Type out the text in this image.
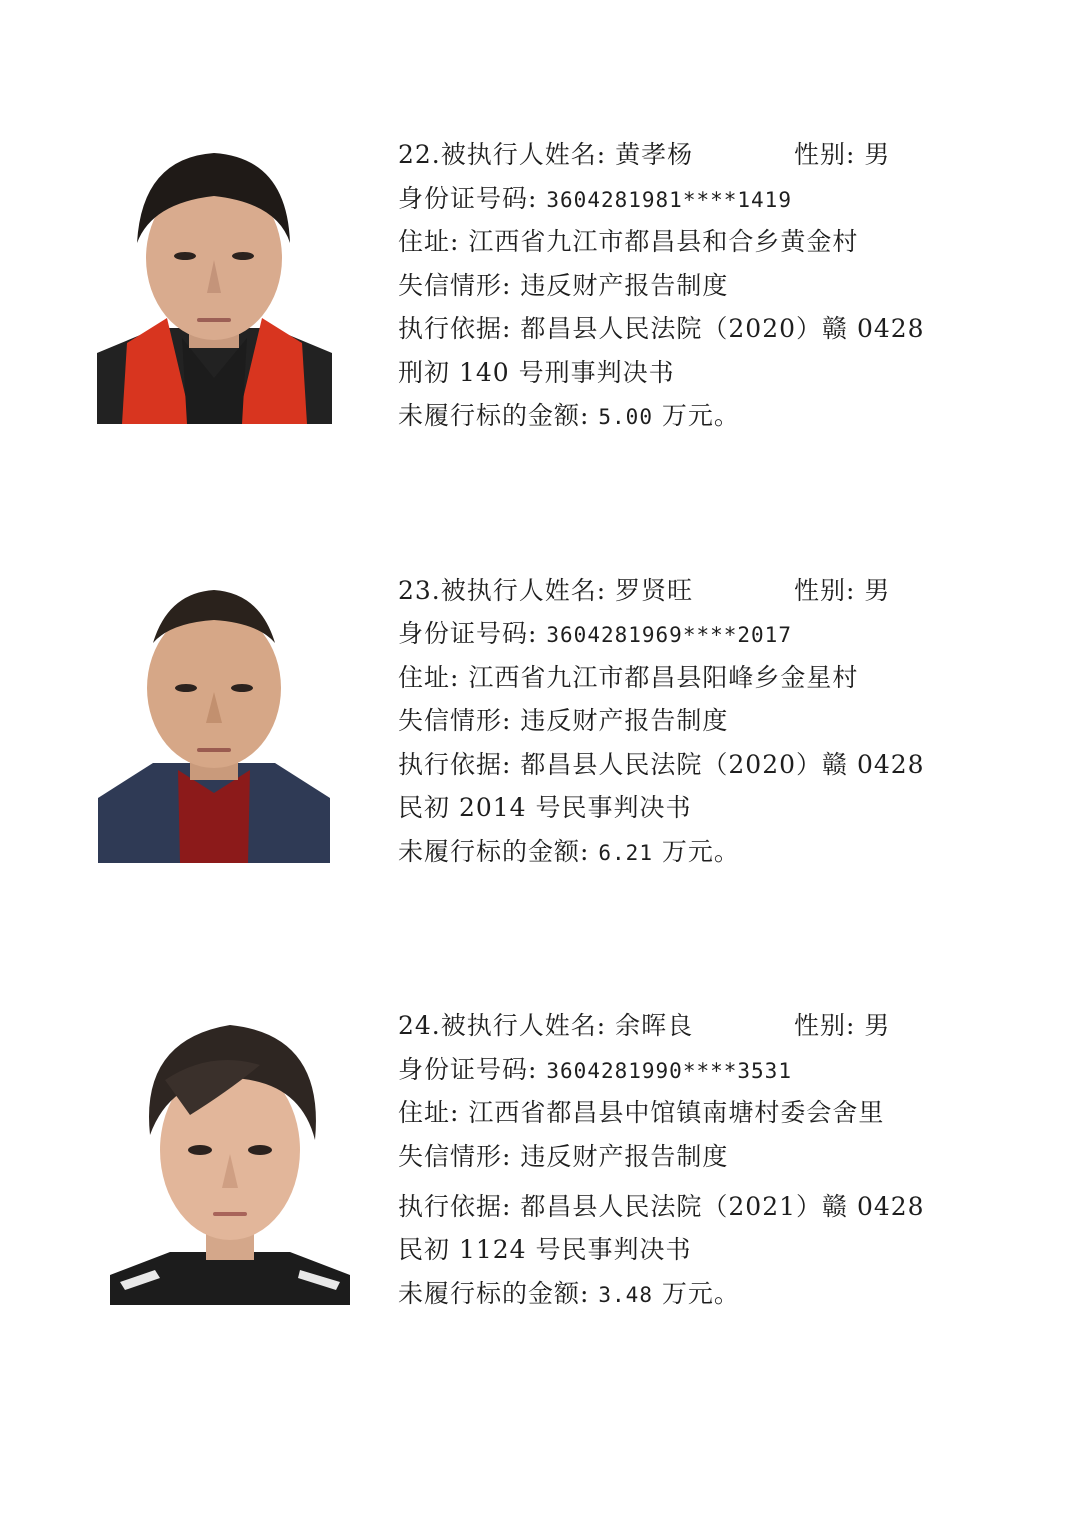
22.被执行人姓名: 黄孝杨	性别: 男
身份证号码: 3604281981****1419
住址: 江西省九江市都昌县和合乡黄金村
失信情形: 违反财产报告制度
执行依据: 都昌县人民法院（2020）赣 0428
刑初 140 号刑事判决书
未履行标的金额: 5.00 万元。
23.被执行人姓名: 罗贤旺	性别: 男
身份证号码: 3604281969****2017
住址: 江西省九江市都昌县阳峰乡金星村
失信情形: 违反财产报告制度
执行依据: 都昌县人民法院（2020）赣 0428
民初 2014 号民事判决书
未履行标的金额: 6.21 万元。
24.被执行人姓名: 余晖良	性别: 男
身份证号码: 3604281990****3531
住址: 江西省都昌县中馆镇南塘村委会舍里
失信情形: 违反财产报告制度
执行依据: 都昌县人民法院（2021）赣 0428
民初 1124 号民事判决书
未履行标的金额: 3.48 万元。
